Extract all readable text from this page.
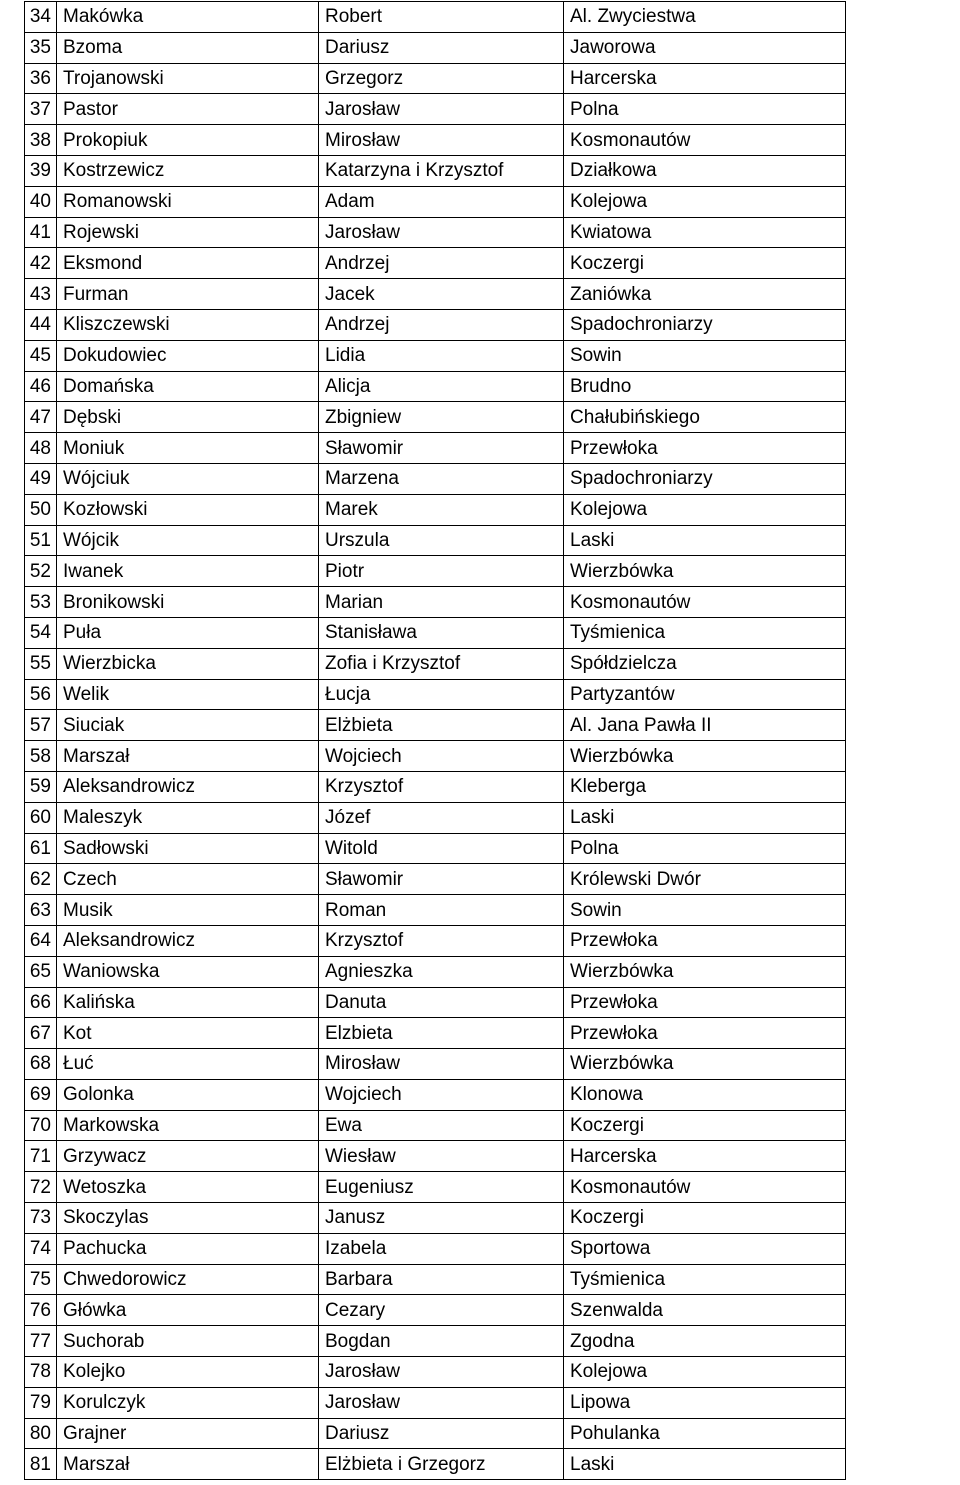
34	Makówka	Robert	Al. Zwyciestwa
35	Bzoma	Dariusz	Jaworowa
36	Trojanowski	Grzegorz	Harcerska
37	Pastor	Jarosław	Polna
38	Prokopiuk	Mirosław	Kosmonautów
39	Kostrzewicz	Katarzyna i Krzysztof	Działkowa
40	Romanowski	Adam	Kolejowa
41	Rojewski	Jarosław	Kwiatowa
42	Eksmond	Andrzej	Koczergi
43	Furman	Jacek	Zaniówka
44	Kliszczewski	Andrzej	Spadochroniarzy
45	Dokudowiec	Lidia	Sowin
46	Domańska	Alicja	Brudno
47	Dębski	Zbigniew	Chałubińskiego
48	Moniuk	Sławomir	Przewłoka
49	Wójciuk	Marzena	Spadochroniarzy
50	Kozłowski	Marek	Kolejowa
51	Wójcik	Urszula	Laski
52	Iwanek	Piotr	Wierzbówka
53	Bronikowski	Marian	Kosmonautów
54	Puła	Stanisława	Tyśmienica
55	Wierzbicka	Zofia i Krzysztof	Spółdzielcza
56	Welik	Łucja	Partyzantów
57	Siuciak	Elżbieta	Al. Jana Pawła II
58	Marszał	Wojciech	Wierzbówka
59	Aleksandrowicz	Krzysztof	Kleberga
60	Maleszyk	Józef	Laski
61	Sadłowski	Witold	Polna
62	Czech	Sławomir	Królewski Dwór
63	Musik	Roman	Sowin
64	Aleksandrowicz	Krzysztof	Przewłoka
65	Waniowska	Agnieszka	Wierzbówka
66	Kalińska	Danuta	Przewłoka
67	Kot	Elzbieta	Przewłoka
68	Łuć	Mirosław	Wierzbówka
69	Golonka	Wojciech	Klonowa
70	Markowska	Ewa	Koczergi
71	Grzywacz	Wiesław	Harcerska
72	Wetoszka	Eugeniusz	Kosmonautów
73	Skoczylas	Janusz	Koczergi
74	Pachucka	Izabela	Sportowa
75	Chwedorowicz	Barbara	Tyśmienica
76	Główka	Cezary	Szenwalda
77	Suchorab	Bogdan	Zgodna
78	Kolejko	Jarosław	Kolejowa
79	Korulczyk	Jarosław	Lipowa
80	Grajner	Dariusz	Pohulanka
81	Marszał	Elżbieta i Grzegorz	Laski
